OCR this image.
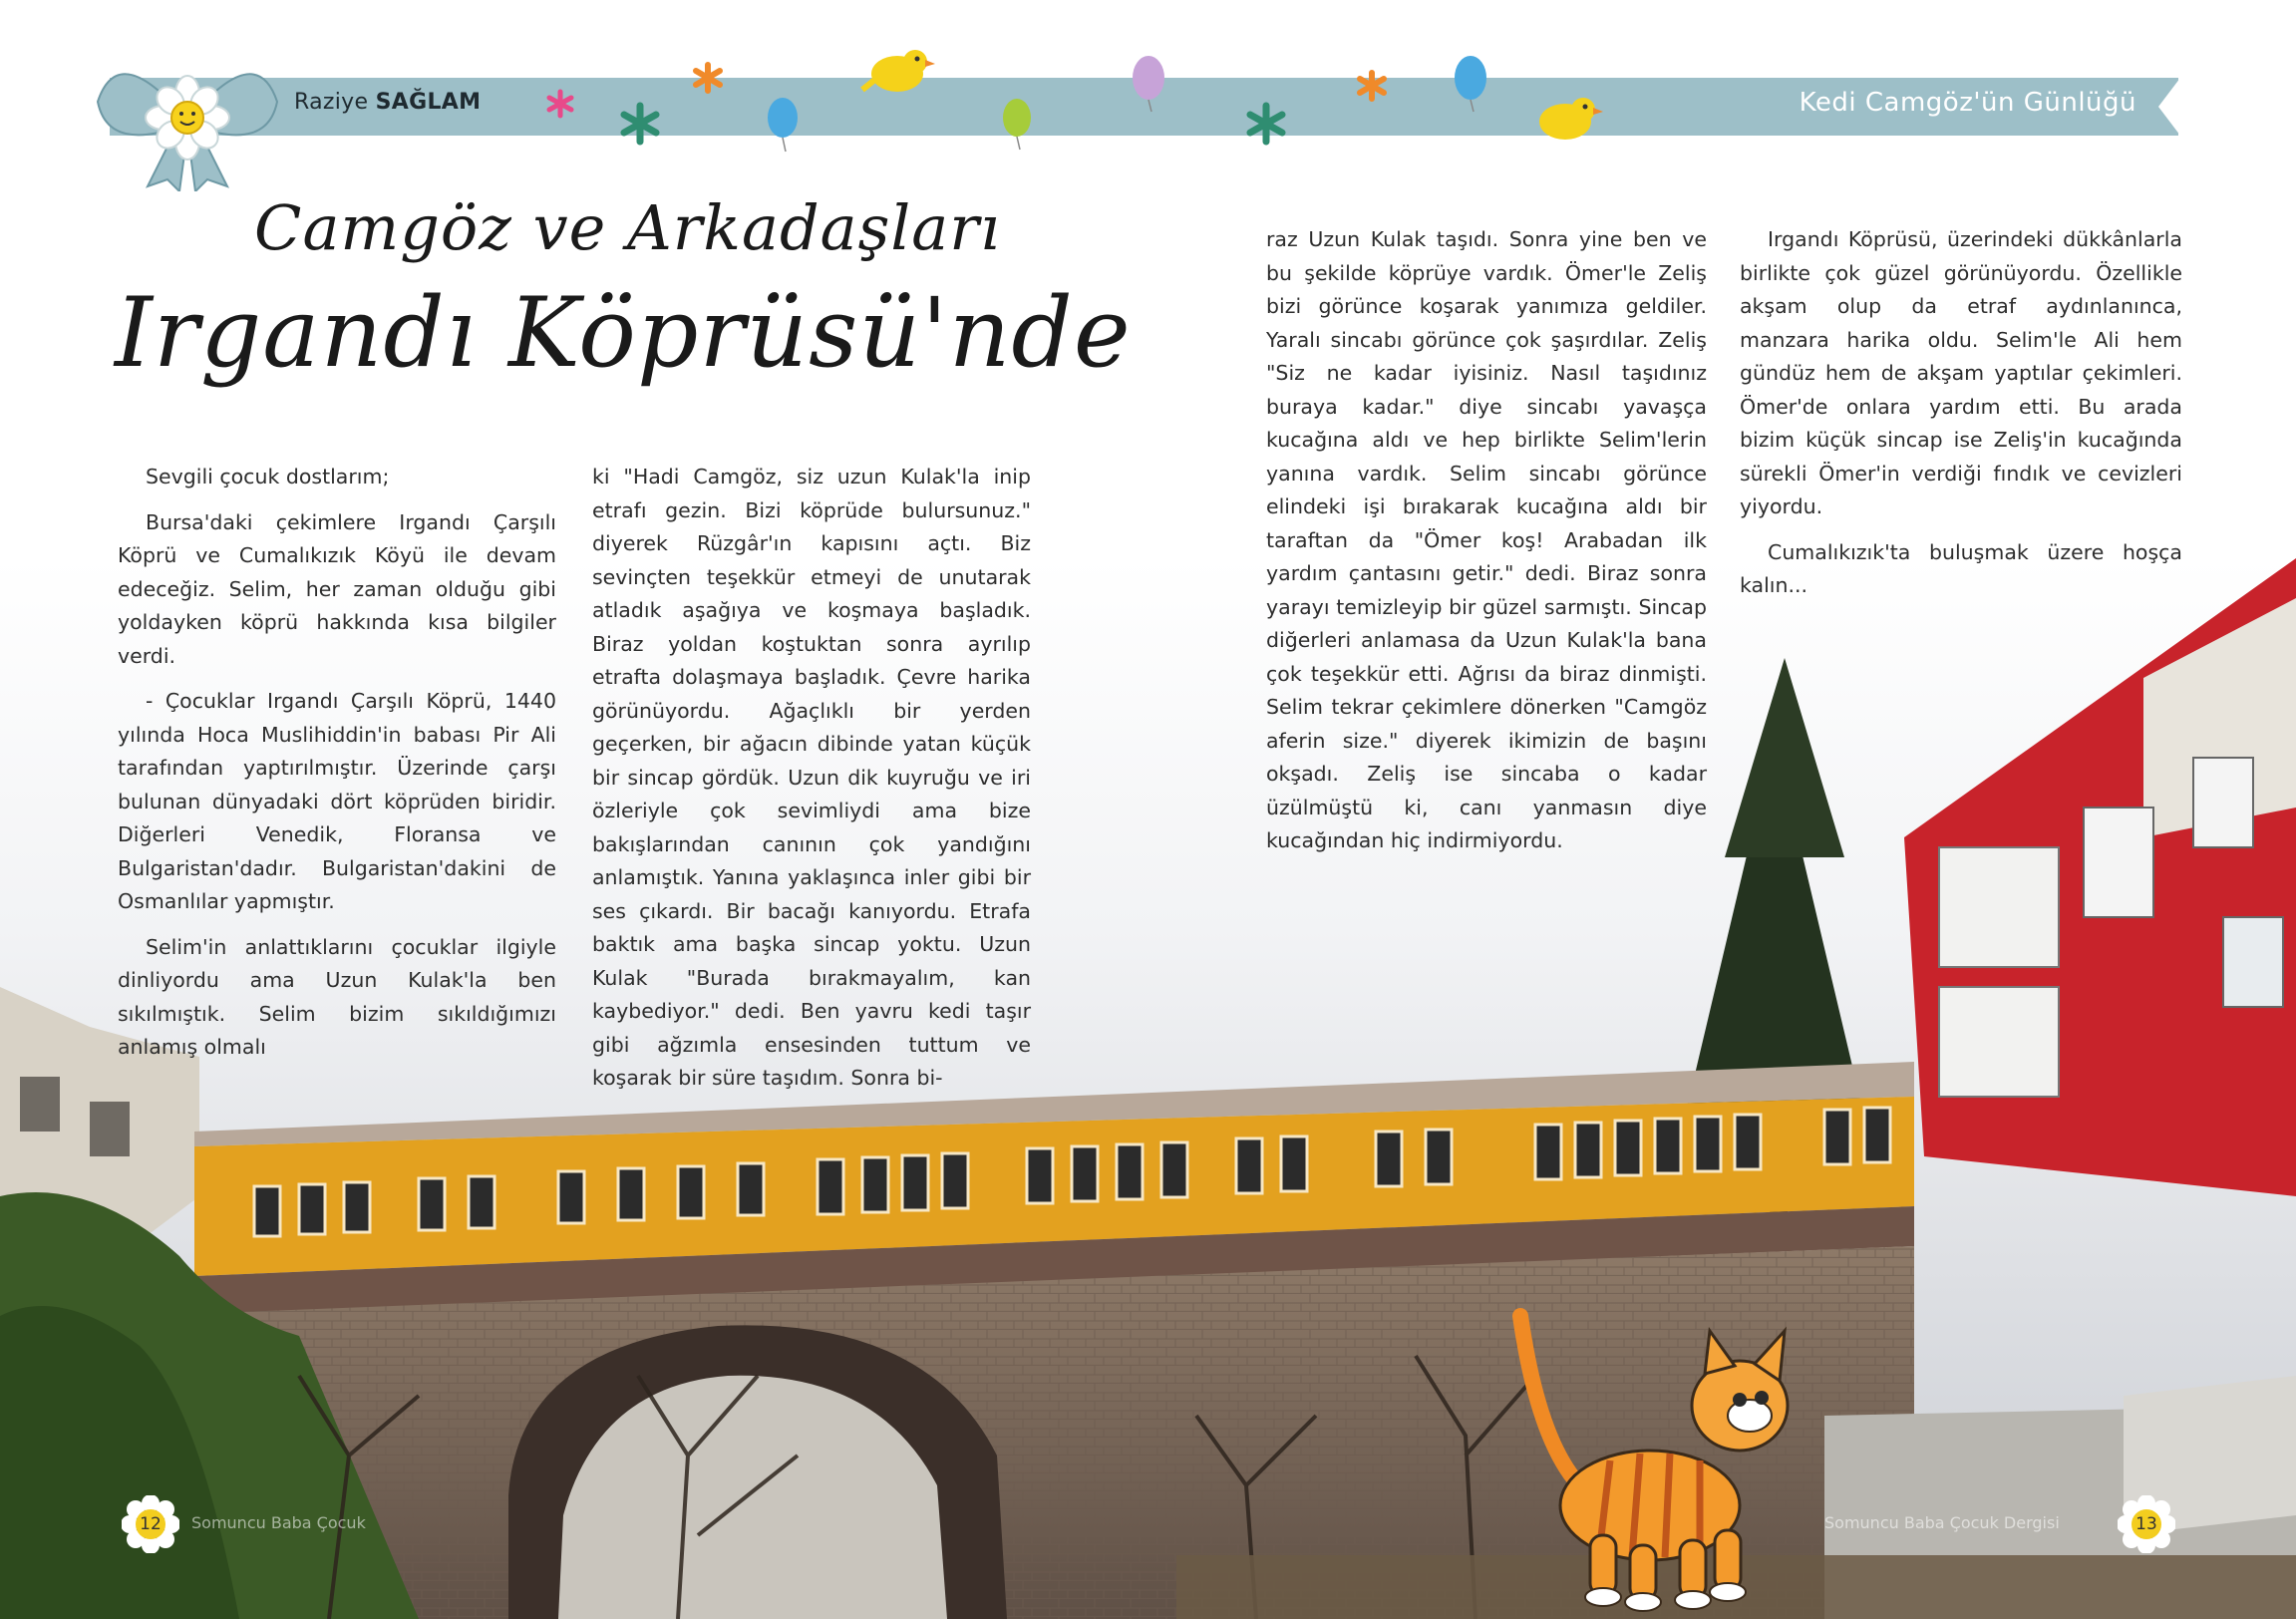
Raziye SAĞLAM	Kedi Camgöz'ün Günlüğü
Camgöz ve Arkadaşları
Irgandı Köprüsü'nde

Sevgili çocuk dostlarım;

Bursa'daki çekimlere Irgandı Çarşılı Köprü ve Cumalıkızık Köyü ile devam edeceğiz. Selim, her zaman olduğu gibi yoldayken köprü hakkında kısa bilgiler verdi.

- Çocuklar Irgandı Çarşılı Köprü, 1440 yılında Hoca Muslihiddin'in babası Pir Ali tarafından yaptırılmıştır. Üzerinde çarşı bulunan dünyadaki dört köprüden biridir. Diğerleri Venedik, Floransa ve Bulgaristan'dadır. Bulgaristan'dakini de Osmanlılar yapmıştır.

Selim'in anlattıklarını çocuklar ilgiyle dinliyordu ama Uzun Kulak'la ben sıkılmıştık. Selim bizim sıkıldığımızı anlamış olmalı

ki "Hadi Camgöz, siz uzun Kulak'la inip etrafı gezin. Bizi köprüde bulursunuz." diyerek Rüzgâr'ın kapısını açtı. Biz sevinçten teşekkür etmeyi de unutarak atladık aşağıya ve koşmaya başladık. Biraz yoldan koştuktan sonra ayrılıp etrafta dolaşmaya başladık. Çevre harika görünüyordu. Ağaçlıklı bir yerden geçerken, bir ağacın dibinde yatan küçük bir sincap gördük. Uzun dik kuyruğu ve iri özleriyle çok sevimliydi ama bize bakışlarından canının çok yandığını anlamıştık. Yanına yaklaşınca inler gibi bir ses çıkardı. Bir bacağı kanıyordu. Etrafa baktık ama başka sincap yoktu. Uzun Kulak "Burada bırakmayalım, kan kaybediyor." dedi. Ben yavru kedi taşır gibi ağzımla ensesinden tuttum ve koşarak bir süre taşıdım. Sonra bi-

raz Uzun Kulak taşıdı. Sonra yine ben ve bu şekilde köprüye vardık. Ömer'le Zeliş bizi görünce koşarak yanımıza geldiler. Yaralı sincabı görünce çok şaşırdılar. Zeliş "Siz ne kadar iyisiniz. Nasıl taşıdınız buraya kadar." diye sincabı yavaşça kucağına aldı ve hep birlikte Selim'lerin yanına vardık. Selim sincabı görünce elindeki işi bırakarak kucağına aldı bir taraftan da "Ömer koş! Arabadan ilk yardım çantasını getir." dedi. Biraz sonra yarayı temizleyip bir güzel sarmıştı. Sincap diğerleri anlamasa da Uzun Kulak'la bana çok teşekkür etti. Ağrısı da biraz dinmişti. Selim tekrar çekimlere dönerken "Camgöz aferin size." diyerek ikimizin de başını okşadı. Zeliş ise sincaba o kadar üzülmüştü ki, canı yanmasın diye kucağından hiç indirmiyordu.

Irgandı Köprüsü, üzerindeki dükkânlarla birlikte çok güzel görünüyordu. Özellikle akşam olup da etraf aydınlanınca, manzara harika oldu. Selim'le Ali hem gündüz hem de akşam yaptılar çekimleri. Ömer'de onlara yardım etti. Bu arada bizim küçük sincap ise Zeliş'in kucağında sürekli Ömer'in verdiği fındık ve cevizleri yiyordu.

Cumalıkızık'ta buluşmak üzere hoşça kalın...

12	Somuncu Baba Çocuk	13
Somuncu Baba Çocuk Dergisi
